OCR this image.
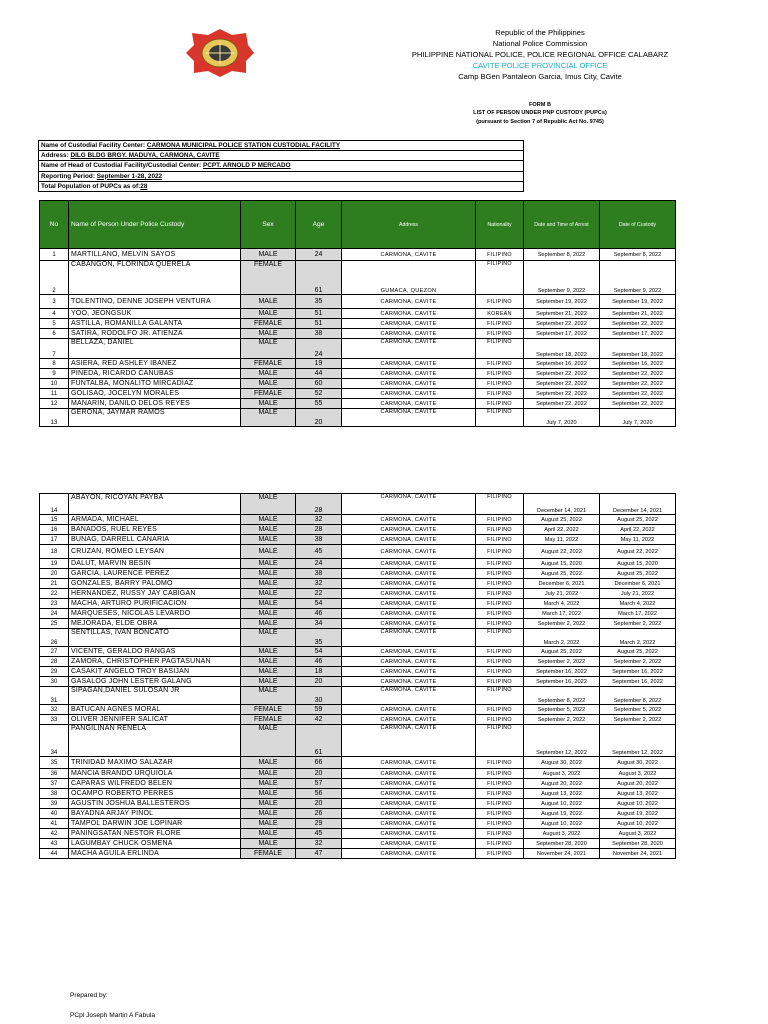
Republic of the Philippines
National Police Commission
PHILIPPINE NATIONAL POLICE, POLICE REGIONAL OFFICE CALABARZ
CAVITE POLICE PROVINCIAL OFFICE
Camp BGen Pantaleon Garcia, Imus City, Cavite
FORM B
LIST OF PERSON UNDER PNP CUSTODY (PUPCs)
(pursuant to Section 7 of Republic Act No. 9745)
Name of Custodial Facility Center: CARMONA MUNICIPAL POLICE STATION CUSTODIAL FACILITY
Address: DILG BLDG BRGY. MADUYA, CARMONA, CAVITE
Name of Head of Custodial Facility/Custodial Center: PCPT. ARNOLD P MERCADO
Reporting Period: September 1-28, 2022
Total Population of PUPCs as of:28
No	Name of Person Under Police Custody	Sex	Age	Address	Nationality	Date and Time of Arrest	Date of Custody
1	MARTILLANO, MELVIN SAYOS	MALE	24	CARMONA, CAVITE	FILIPINO	September 8, 2022	September 8, 2022
2	CABANGON, FLORINDA QUERELA	FEMALE	61	GUMACA, QUEZON	FILIPINO	September 9, 2022	September 9, 2022
3	TOLENTINO, DENNE JOSEPH VENTURA	MALE	35	CARMONA, CAVITE	FILIPINO	September 19, 2022	September 19, 2022
4	YOO, JEONGSUK	MALE	51	CARMONA, CAVITE	KOREAN	September 21, 2022	September 21, 2022
5	ASTILLA, ROMANILLA GALANTA	FEMALE	51	CARMONA, CAVITE	FILIPINO	September 22, 2022	September 22, 2022
6	SATIRA, RODOLFO JR. ATIENZA	MALE	38	CARMONA, CAVITE	FILIPINO	September 17, 2022	September 17, 2022
7	BELLAZA, DANIEL	MALE	24	CARMONA, CAVITE	FILIPINO	September 18, 2022	September 18, 2022
8	ASIERA, RED ASHLEY IBANEZ	FEMALE	19	CARMONA, CAVITE	FILIPINO	September 16, 2022	September 16, 2022
9	PINEDA, RICARDO CANUBAS	MALE	44	CARMONA, CAVITE	FILIPINO	September 22, 2022	September 22, 2022
10	FUNTALBA, MONALITO MIRCADIAZ	MALE	60	CARMONA, CAVITE	FILIPINO	September 22, 2022	September 22, 2022
11	GOLISAO, JOCELYN MORALES	FEMALE	52	CARMONA, CAVITE	FILIPINO	September 22, 2022	September 22, 2022
12	MANARIN, DANILO DELOS REYES	MALE	55	CARMONA, CAVITE	FILIPINO	September 22, 2022	September 22, 2022
13	GERONA, JAYMAR RAMOS	MALE	20	CARMONA, CAVITE	FILIPINO	July 7, 2020	July 7, 2020
14	ABAYON, RICOYAN PAYBA	MALE	28	CARMONA, CAVITE	FILIPINO	December 14, 2021	December 14, 2021
15	ARMADA, MICHAEL	MALE	32	CARMONA, CAVITE	FILIPINO	August 25, 2022	August 25, 2022
16	BANADOS, RUEL REYES	MALE	28	CARMONA, CAVITE	FILIPINO	April 22, 2022	April 22, 2022
17	BUNAG, DARRELL CANARIA	MALE	38	CARMONA, CAVITE	FILIPINO	May 11, 2022	May 11, 2022
18	CRUZAN, ROMEO LEYSAN	MALE	45	CARMONA, CAVITE	FILIPINO	August 22, 2022	August 22, 2022
19	DALUT, MARVIN BESIN	MALE	24	CARMONA, CAVITE	FILIPINO	August 15, 2020	August 15, 2020
20	GARCIA, LAURENCE PEREZ	MALE	38	CARMONA, CAVITE	FILIPINO	August 25, 2022	August 25, 2022
21	GONZALES, BARRY PALOMO	MALE	32	CARMONA, CAVITE	FILIPINO	December 6, 2021	December 6, 2021
22	HERNANDEZ, RUSSY JAY CABIGAN	MALE	22	CARMONA, CAVITE	FILIPINO	July 21, 2022	July 21, 2022
23	MACHA, ARTURO PURIFICACION	MALE	54	CARMONA, CAVITE	FILIPINO	March 4, 2022	March 4, 2022
24	MARQUESES, NICOLAS LEVARDO	MALE	46	CARMONA, CAVITE	FILIPINO	March 17, 2022	March 17, 2022
25	MEJORADA, ELDE OBRA	MALE	34	CARMONA, CAVITE	FILIPINO	September 2, 2022	September 2, 2022
26	SENTILLAS, IVAN BONCATO	MALE	35	CARMONA, CAVITE	FILIPINO	March 2, 2022	March 2, 2022
27	VICENTE, GERALDO RANGAS	MALE	54	CARMONA, CAVITE	FILIPINO	August 25, 2022	August 25, 2022
28	ZAMORA, CHRISTOPHER PAGTASUNAN	MALE	46	CARMONA, CAVITE	FILIPINO	September 2, 2022	September 2, 2022
29	CASAKIT ANGELO TROY BASIJAN	MALE	18	CARMONA, CAVITE	FILIPINO	September 16, 2022	September 16, 2022
30	GASALOG JOHN LESTER GALANG	MALE	20	CARMONA, CAVITE	FILIPINO	September 16, 2022	September 16, 2022
31	SIPAGAN,DANIEL SULOSAN JR	MALE	30	CARMONA, CAVITE	FILIPINO	September 8, 2022	September 8, 2022
32	BATUCAN AGNES MORAL	FEMALE	59	CARMONA, CAVITE	FILIPINO	September 5, 2022	September 5, 2022
33	OLIVER JENNIFER SALICAT	FEMALE	42	CARMONA, CAVITE	FILIPINO	September 2, 2022	September 2, 2022
34	PANGILINAN RENELA	MALE	61	CARMONA, CAVITE	FILIPINO	September 12, 2022	September 12, 2022
35	TRINIDAD MAXIMO SALAZAR	MALE	66	CARMONA, CAVITE	FILIPINO	August 30, 2022	August 30, 2022
36	MANCIA BRANDO URQUIOLA	MALE	20	CARMONA, CAVITE	FILIPINO	August 3, 2022	August 3, 2022
37	CAPARAS WILFREDO BELEN	MALE	57	CARMONA, CAVITE	FILIPINO	August 20, 2022	August 20, 2022
38	OCAMPO ROBERTO PERRES	MALE	56	CARMONA, CAVITE	FILIPINO	August 13, 2022	August 13, 2022
39	AGUSTIN JOSHUA BALLESTEROS	MALE	20	CARMONA, CAVITE	FILIPINO	August 10, 2022	August 10, 2022
40	BAYADNA ARJAY PINOL	MALE	26	CARMONA, CAVITE	FILIPINO	August 19, 2022	August 19, 2022
41	TAMPOL DARWIN JOE LOPINAR	MALE	29	CARMONA, CAVITE	FILIPINO	August 10, 2022	August 10, 2022
42	PANINGSATAN NESTOR FLORE	MALE	45	CARMONA, CAVITE	FILIPINO	August 3, 2022	August 3, 2022
43	LAGUMBAY CHUCK OSMENA	MALE	32	CARMONA, CAVITE	FILIPINO	September 28, 2020	September 28, 2020
44	MACHA AGUILA ERLINDA	FEMALE	47	CARMONA, CAVITE	FILIPINO	November 24, 2021	November 24, 2021
Prepared by:
PCpl Joseph Martin A Fabula
